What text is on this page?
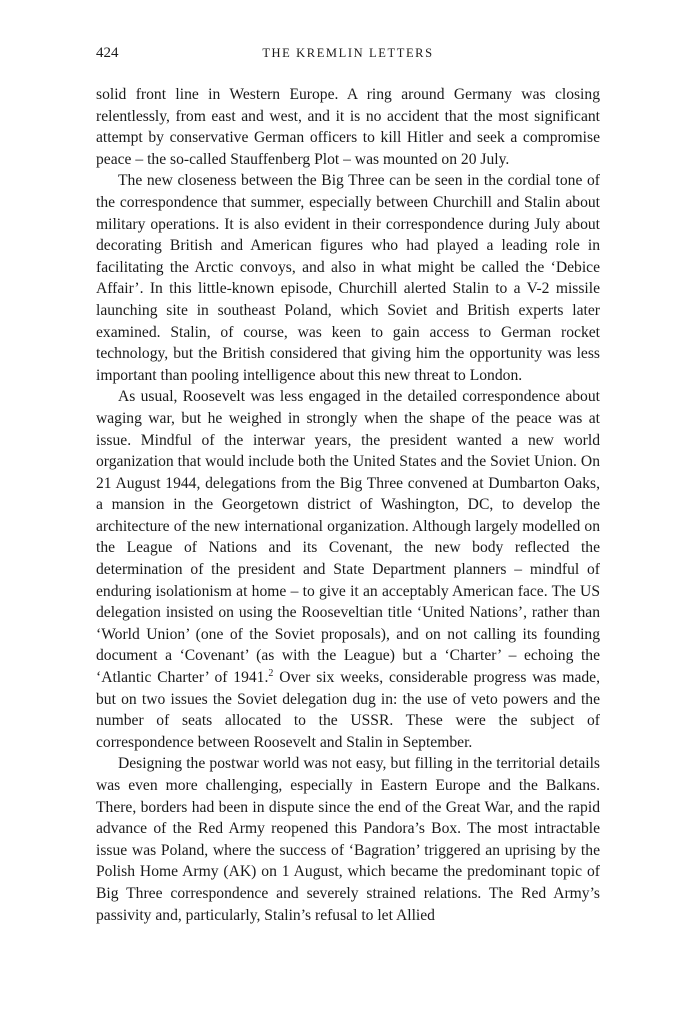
424	THE KREMLIN LETTERS

solid front line in Western Europe. A ring around Germany was closing relentlessly, from east and west, and it is no accident that the most significant attempt by conservative German officers to kill Hitler and seek a compromise peace – the so-called Stauffenberg Plot – was mounted on 20 July.

The new closeness between the Big Three can be seen in the cordial tone of the correspondence that summer, especially between Churchill and Stalin about military operations. It is also evident in their correspondence during July about decorating British and American figures who had played a leading role in facilitating the Arctic convoys, and also in what might be called the ‘Debice Affair’. In this little-known episode, Churchill alerted Stalin to a V-2 missile launching site in southeast Poland, which Soviet and British experts later examined. Stalin, of course, was keen to gain access to German rocket technology, but the British considered that giving him the opportunity was less important than pooling intelligence about this new threat to London.

As usual, Roosevelt was less engaged in the detailed correspondence about waging war, but he weighed in strongly when the shape of the peace was at issue. Mindful of the interwar years, the president wanted a new world organization that would include both the United States and the Soviet Union. On 21 August 1944, delegations from the Big Three convened at Dumbarton Oaks, a mansion in the Georgetown district of Washington, DC, to develop the architecture of the new international organization. Although largely modelled on the League of Nations and its Covenant, the new body reflected the determination of the president and State Department planners – mindful of enduring isolationism at home – to give it an acceptably American face. The US delegation insisted on using the Rooseveltian title ‘United Nations’, rather than ‘World Union’ (one of the Soviet proposals), and on not calling its founding document a ‘Covenant’ (as with the League) but a ‘Charter’ – echoing the ‘Atlantic Charter’ of 1941.$^2$ Over six weeks, considerable progress was made, but on two issues the Soviet delegation dug in: the use of veto powers and the number of seats allocated to the USSR. These were the subject of correspondence between Roosevelt and Stalin in September.

Designing the postwar world was not easy, but filling in the territorial details was even more challenging, especially in Eastern Europe and the Balkans. There, borders had been in dispute since the end of the Great War, and the rapid advance of the Red Army reopened this Pandora’s Box. The most intractable issue was Poland, where the success of ‘Bagration’ triggered an uprising by the Polish Home Army (AK) on 1 August, which became the predominant topic of Big Three correspondence and severely strained relations. The Red Army’s passivity and, particularly, Stalin’s refusal to let Allied
